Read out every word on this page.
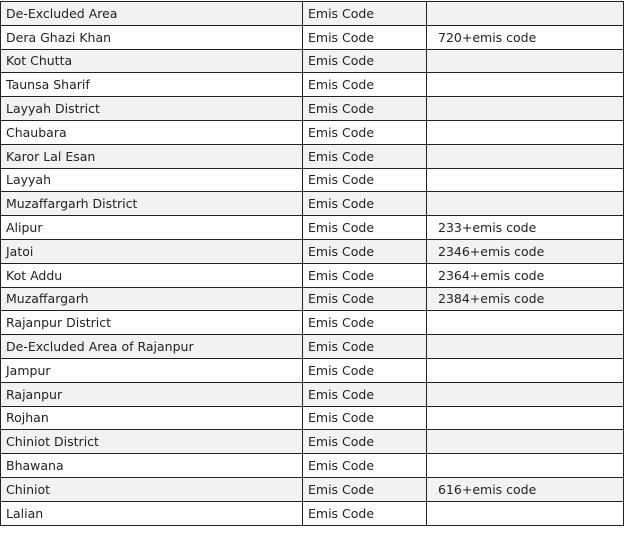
De-Excluded Area	Emis Code	
Dera Ghazi Khan	Emis Code	720+emis code
Kot Chutta	Emis Code	
Taunsa Sharif	Emis Code	
Layyah District	Emis Code	
Chaubara	Emis Code	
Karor Lal Esan	Emis Code	
Layyah	Emis Code	
Muzaffargarh District	Emis Code	
Alipur	Emis Code	233+emis code
Jatoi	Emis Code	2346+emis code
Kot Addu	Emis Code	2364+emis code
Muzaffargarh	Emis Code	2384+emis code
Rajanpur District	Emis Code	
De-Excluded Area of Rajanpur	Emis Code	
Jampur	Emis Code	
Rajanpur	Emis Code	
Rojhan	Emis Code	
Chiniot District	Emis Code	
Bhawana	Emis Code	
Chiniot	Emis Code	616+emis code
Lalian	Emis Code	
